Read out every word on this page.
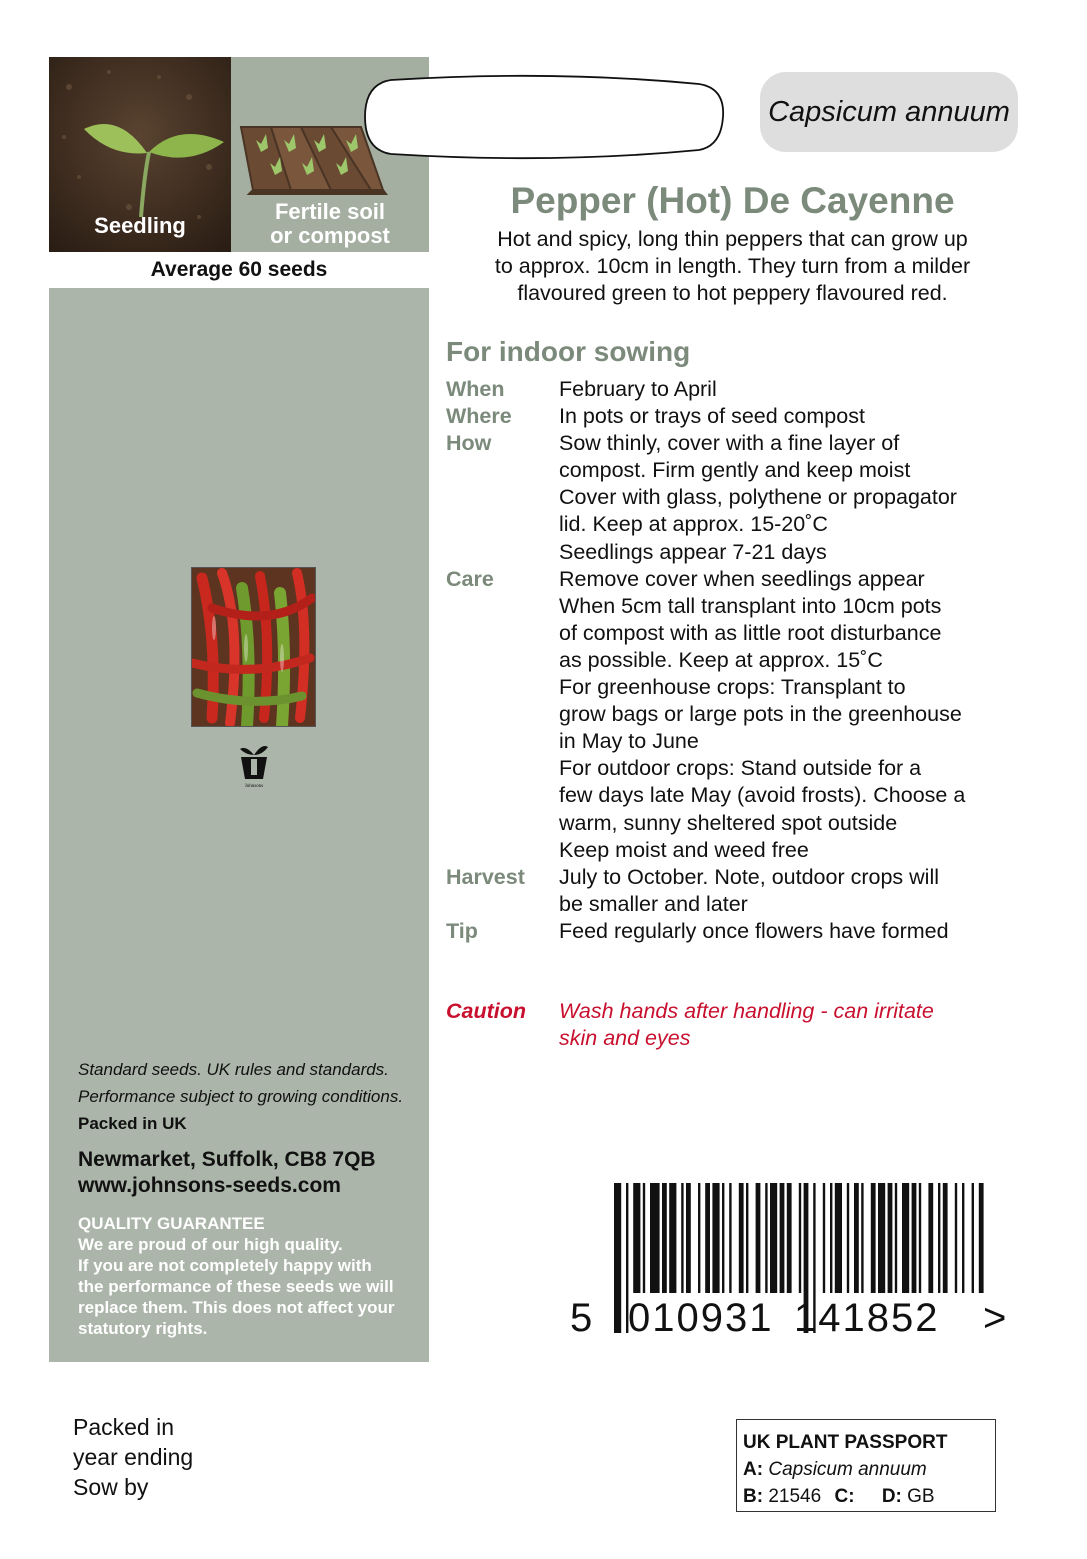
Seedling
Fertile soil
or compost
Average 60 seeds
Johnsons
Standard seeds. UK rules and standards.
Performance subject to growing conditions.
Packed in UK
Newmarket, Suffolk, CB8 7QB
www.johnsons-seeds.com
QUALITY GUARANTEE
We are proud of our high quality.
If you are not completely happy with
the performance of these seeds we will
replace them. This does not affect your
statutory rights.
Capsicum annuum
Pepper (Hot) De Cayenne
Hot and spicy, long thin peppers that can grow up
to approx. 10cm in length. They turn from a milder
flavoured green to hot peppery flavoured red.
For indoor sowing
When	February to April
Where	In pots or trays of seed compost
How	Sow thinly, cover with a fine layer of
compost. Firm gently and keep moist
Cover with glass, polythene or propagator
lid. Keep at approx. 15-20˚C
Seedlings appear 7-21 days
Care	Remove cover when seedlings appear
When 5cm tall transplant into 10cm pots
of compost with as little root disturbance
as possible. Keep at approx. 15˚C
For greenhouse crops: Transplant to
grow bags or large pots in the greenhouse
in May to June
For outdoor crops: Stand outside for a
few days late May (avoid frosts). Choose a
warm, sunny sheltered spot outside
Keep moist and weed free
Harvest	July to October. Note, outdoor crops will
be smaller and later
Tip	Feed regularly once flowers have formed
Caution	Wash hands after handling - can irritate
skin and eyes
5 010931 141852 >
Packed in
year ending
Sow by
UK PLANT PASSPORT
A: Capsicum annuum
B: 21546 C: D: GB
